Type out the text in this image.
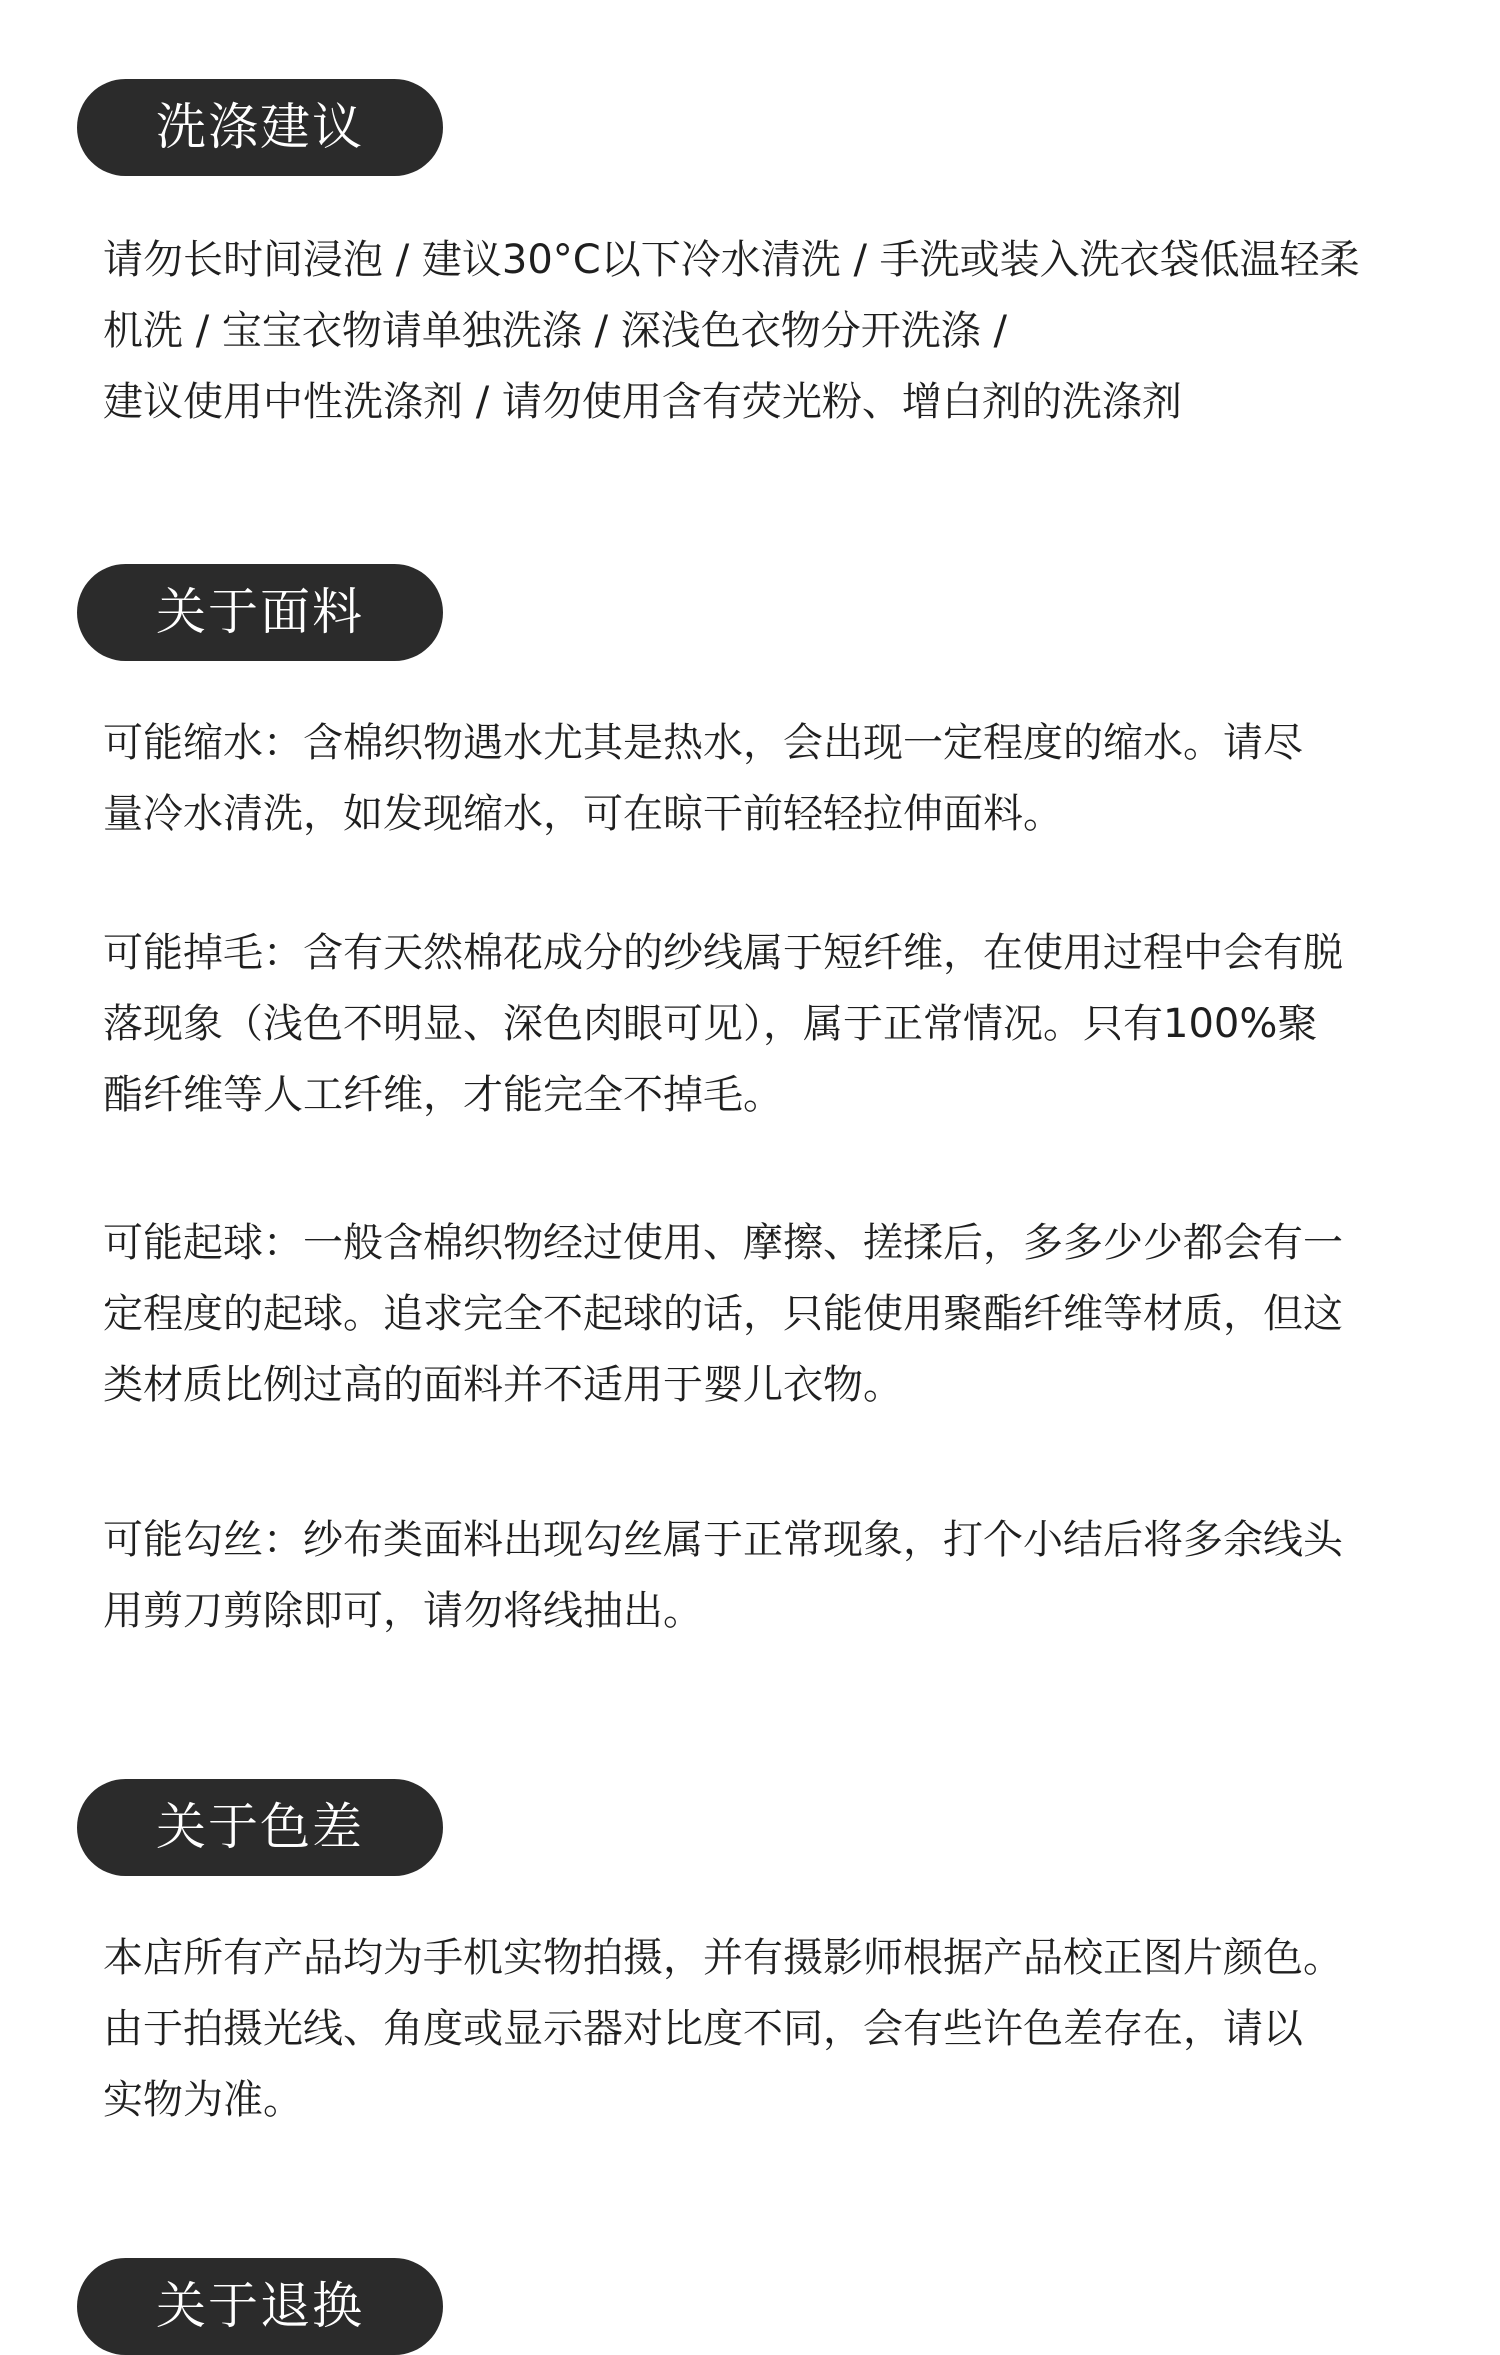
洗涤建议
请勿长时间浸泡 / 建议30°C以下冷水清洗 / 手洗或装入洗衣袋低温轻柔
机洗 / 宝宝衣物请单独洗涤 / 深浅色衣物分开洗涤 /
建议使用中性洗涤剂 / 请勿使用含有荧光粉、增白剂的洗涤剂
关于面料
可能缩水：含棉织物遇水尤其是热水，会出现一定程度的缩水。请尽
量冷水清洗，如发现缩水，可在晾干前轻轻拉伸面料。
可能掉毛：含有天然棉花成分的纱线属于短纤维，在使用过程中会有脱
落现象（浅色不明显、深色肉眼可见），属于正常情况。只有100%聚
酯纤维等人工纤维，才能完全不掉毛。
可能起球：一般含棉织物经过使用、摩擦、搓揉后，多多少少都会有一
定程度的起球。追求完全不起球的话，只能使用聚酯纤维等材质，但这
类材质比例过高的面料并不适用于婴儿衣物。
可能勾丝：纱布类面料出现勾丝属于正常现象，打个小结后将多余线头
用剪刀剪除即可，请勿将线抽出。
关于色差
本店所有产品均为手机实物拍摄，并有摄影师根据产品校正图片颜色。
由于拍摄光线、角度或显示器对比度不同，会有些许色差存在，请以
实物为准。
关于退换
